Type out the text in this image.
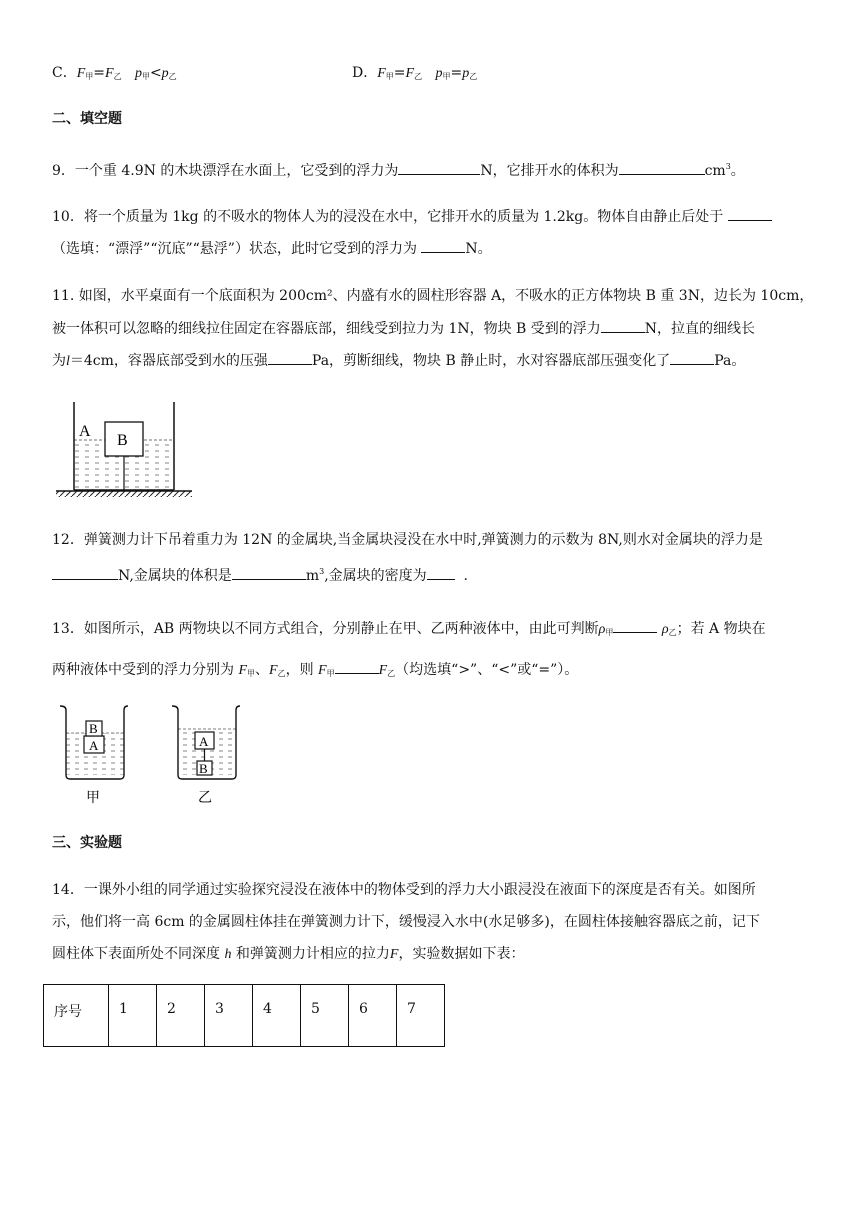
C．$F_甲=F_乙$ $p_甲<p_乙$	D．$F_甲=F_乙$ $p_甲=p_乙$
二、填空题
9．一个重 4.9N 的木块漂浮在水面上，它受到的浮力为	N，它排开水的体积为	$cm^3$。
10．将一个质量为 1kg 的不吸水的物体人为的浸没在水中，它排开水的质量为 1.2kg。物体自由静止后处于
（选填：“漂浮”“沉底”“悬浮”）状态，此时它受到的浮力为	N。
11. 如图，水平桌面有一个底面积为 200cm²、内盛有水的圆柱形容器 A，不吸水的正方体物块 B 重 3N，边长为 10cm，
被一体积可以忽略的细线拉住固定在容器底部，细线受到拉力为 1N，物块 B 受到的浮力	N，拉直的细线长
为l＝4cm，容器底部受到水的压强	Pa，剪断细线，物块 B 静止时，水对容器底部压强变化了	Pa。
A
B
12．弹簧测力计下吊着重力为 12N 的金属块,当金属块浸没在水中时,弹簧测力的示数为 8N,则水对金属块的浮力是
N,金属块的体积是	$m^3$,金属块的密度为	.
13．如图所示，AB 两物块以不同方式组合，分别静止在甲、乙两种液体中，由此可判断$\rho_甲$	$\rho_乙$；若 A 物块在
两种液体中受到的浮力分别为 $F_甲$、$F_乙$，则 $F_甲$	$F_乙$（均选填“>”、“<”或“=”）。
B
A
甲
A
B
乙
三、实验题
14．一课外小组的同学通过实验探究浸没在液体中的物体受到的浮力大小跟浸没在液面下的深度是否有关。如图所
示，他们将一高 6cm 的金属圆柱体挂在弹簧测力计下，缓慢浸入水中(水足够多)，在圆柱体接触容器底之前，记下
圆柱体下表面所处不同深度 h 和弹簧测力计相应的拉力F，实验数据如下表：
序号	1	2	3	4	5	6	7
